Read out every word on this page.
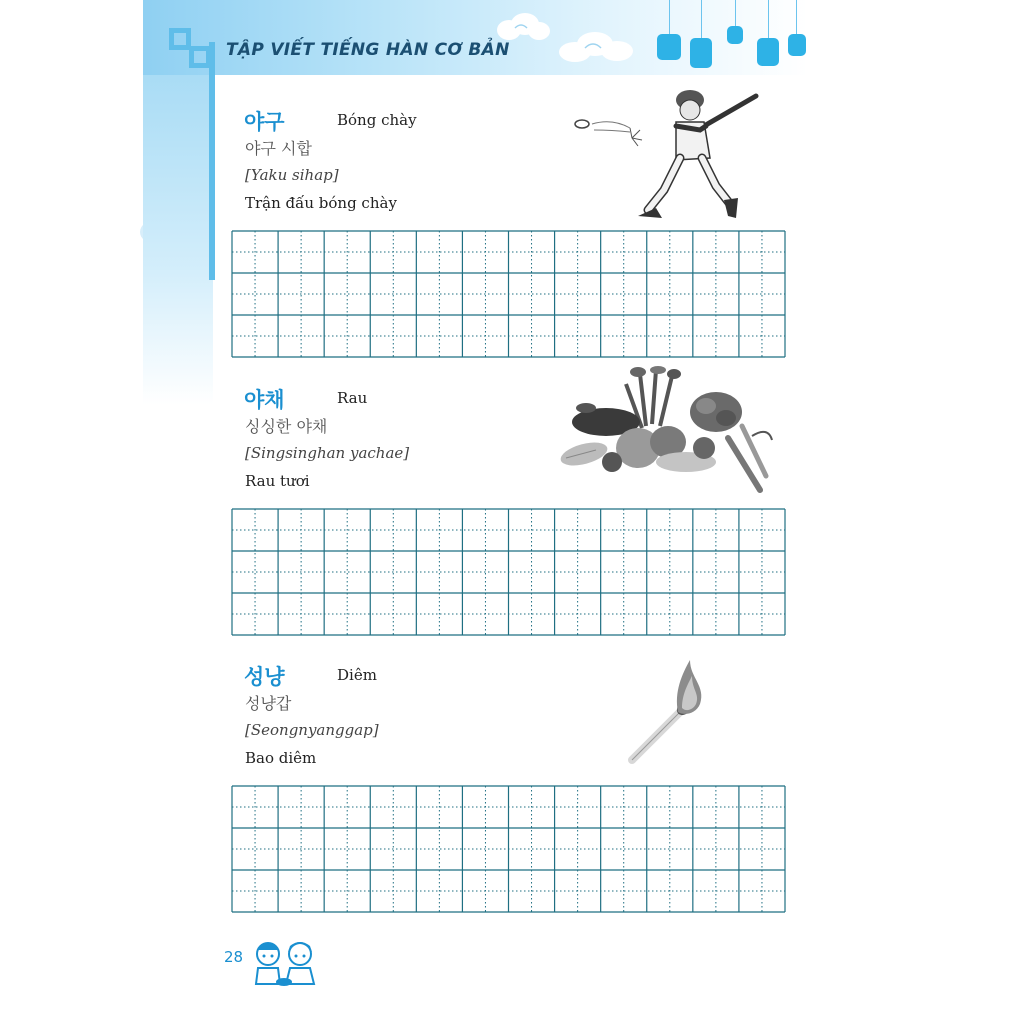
TẬP VIẾT TIẾNG HÀN CƠ BẢN
야구	Bóng chày
야구 시합
[Yaku sihap]
Trận đấu bóng chày
야채	Rau
싱싱한 야채
[Singsinghan yachae]
Rau tươi
성냥	Diêm
성냥갑
[Seongnyanggap]
Bao diêm
28
